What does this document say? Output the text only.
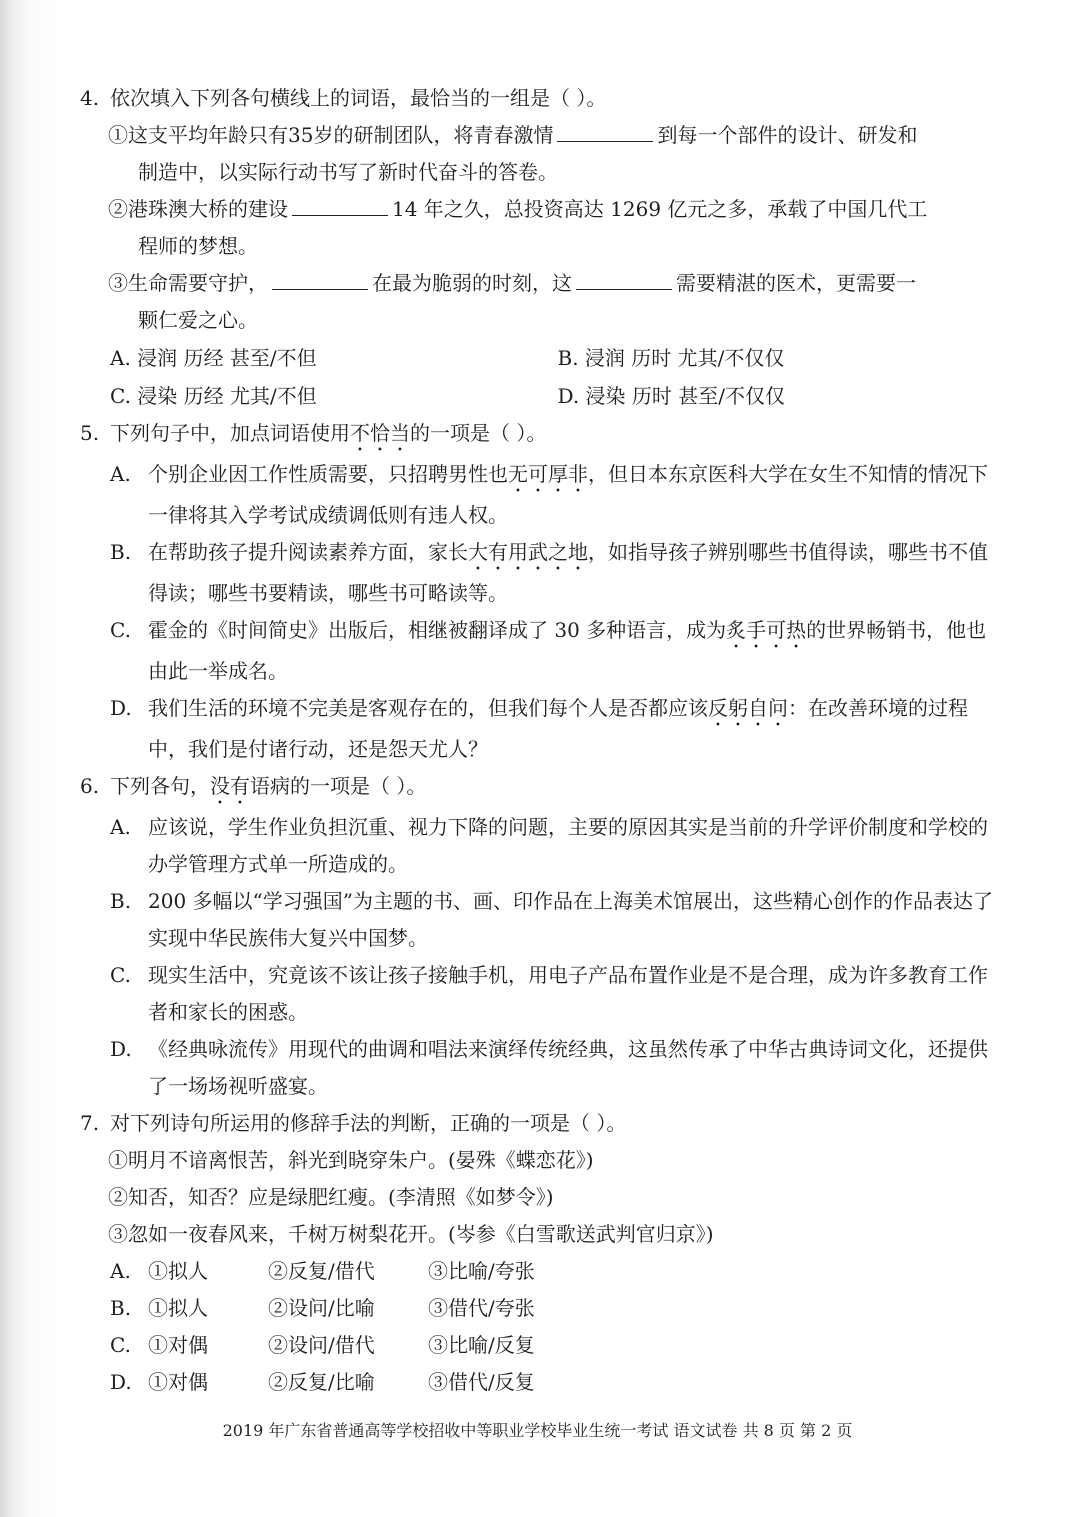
4. 依次填入下列各句横线上的词语，最恰当的一组是（ ）。
①这支平均年龄只有35岁的研制团队，将青春激情	到每一个部件的设计、研发和
制造中，以实际行动书写了新时代奋斗的答卷。
②港珠澳大桥的建设	14 年之久，总投资高达 1269 亿元之多，承载了中国几代工
程师的梦想。
③生命需要守护，	在最为脆弱的时刻，这	需要精湛的医术，更需要一
颗仁爱之心。
A. 浸润 历经 甚至/不但	B. 浸润 历时 尤其/不仅仅
C. 浸染 历经 尤其/不但	D. 浸染 历时 甚至/不仅仅
5. 下列句子中，加点词语使用不恰当的一项是（ ）。
A. 个别企业因工作性质需要，只招聘男性也无可厚非，但日本东京医科大学在女生不知情的情况下一律将其入学考试成绩调低则有违人权。
B. 在帮助孩子提升阅读素养方面，家长大有用武之地，如指导孩子辨别哪些书值得读，哪些书不值得读；哪些书要精读，哪些书可略读等。
C. 霍金的《时间简史》出版后，相继被翻译成了 30 多种语言，成为炙手可热的世界畅销书，他也由此一举成名。
D. 我们生活的环境不完美是客观存在的，但我们每个人是否都应该反躬自问：在改善环境的过程中，我们是付诸行动，还是怨天尤人？
6. 下列各句，没有语病的一项是（ ）。
A. 应该说，学生作业负担沉重、视力下降的问题，主要的原因其实是当前的升学评价制度和学校的办学管理方式单一所造成的。
B. 200 多幅以“学习强国”为主题的书、画、印作品在上海美术馆展出，这些精心创作的作品表达了实现中华民族伟大复兴中国梦。
C. 现实生活中，究竟该不该让孩子接触手机，用电子产品布置作业是不是合理，成为许多教育工作者和家长的困惑。
D. 《经典咏流传》用现代的曲调和唱法来演绎传统经典，这虽然传承了中华古典诗词文化，还提供了一场场视听盛宴。
7. 对下列诗句所运用的修辞手法的判断，正确的一项是（ ）。
①明月不谙离恨苦，斜光到晓穿朱户。(晏殊《蝶恋花》)
②知否，知否？应是绿肥红瘦。(李清照《如梦令》)
③忽如一夜春风来，千树万树梨花开。(岑参《白雪歌送武判官归京》)
A. ①拟人	②反复/借代	③比喻/夸张
B. ①拟人	②设问/比喻	③借代/夸张
C. ①对偶	②设问/借代	③比喻/反复
D. ①对偶	②反复/比喻	③借代/反复
2019 年广东省普通高等学校招收中等职业学校毕业生统一考试 语文试卷 共 8 页 第 2 页
